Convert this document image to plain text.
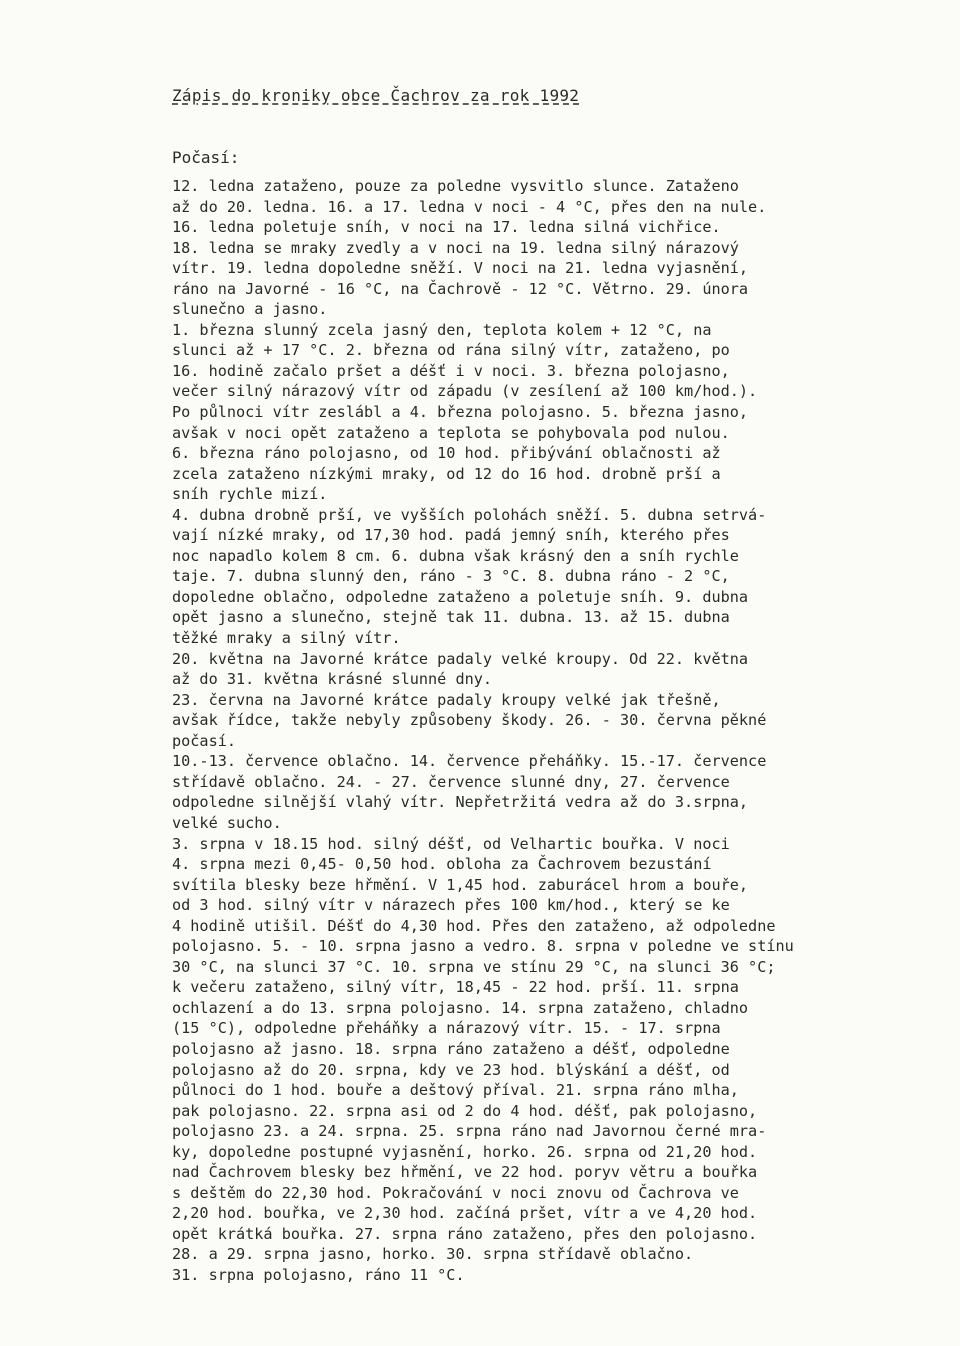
Zápis do kroniky obce Čachrov za rok 1992
Počasí:
12. ledna zataženo, pouze za poledne vysvitlo slunce. Zataženo
až do 20. ledna. 16. a 17. ledna v noci - 4 °C, přes den na nule.
16. ledna poletuje sníh, v noci na 17. ledna silná vichřice.
18. ledna se mraky zvedly a v noci na 19. ledna silný nárazový
vítr. 19. ledna dopoledne sněží. V noci na 21. ledna vyjasnění,
ráno na Javorné - 16 °C, na Čachrově - 12 °C. Větrno. 29. února
slunečno a jasno.
1. března slunný zcela jasný den, teplota kolem + 12 °C, na
slunci až + 17 °C. 2. března od rána silný vítr, zataženo, po
16. hodině začalo pršet a déšť i v noci. 3. března polojasno,
večer silný nárazový vítr od západu (v zesílení až 100 km/hod.).
Po půlnoci vítr zeslábl a 4. března polojasno. 5. března jasno,
avšak v noci opět zataženo a teplota se pohybovala pod nulou.
6. března ráno polojasno, od 10 hod. přibývání oblačnosti až
zcela zataženo nízkými mraky, od 12 do 16 hod. drobně prší a
sníh rychle mizí.
4. dubna drobně prší, ve vyšších polohách sněží. 5. dubna setrvá-
vají nízké mraky, od 17,30 hod. padá jemný sníh, kterého přes
noc napadlo kolem 8 cm. 6. dubna však krásný den a sníh rychle
taje. 7. dubna slunný den, ráno - 3 °C. 8. dubna ráno - 2 °C,
dopoledne oblačno, odpoledne zataženo a poletuje sníh. 9. dubna
opět jasno a slunečno, stejně tak 11. dubna. 13. až 15. dubna
těžké mraky a silný vítr.
20. května na Javorné krátce padaly velké kroupy. Od 22. května
až do 31. května krásné slunné dny.
23. června na Javorné krátce padaly kroupy velké jak třešně,
avšak řídce, takže nebyly způsobeny škody. 26. - 30. června pěkné
počasí.
10.-13. července oblačno. 14. července přeháňky. 15.-17. července
střídavě oblačno. 24. - 27. července slunné dny, 27. července
odpoledne silnější vlahý vítr. Nepřetržitá vedra až do 3.srpna,
velké sucho.
3. srpna v 18.15 hod. silný déšť, od Velhartic bouřka. V noci
4. srpna mezi 0,45- 0,50 hod. obloha za Čachrovem bezustání
svítila blesky beze hřmění. V 1,45 hod. zaburácel hrom a bouře,
od 3 hod. silný vítr v nárazech přes 100 km/hod., který se ke
4 hodině utišil. Déšť do 4,30 hod. Přes den zataženo, až odpoledne
polojasno. 5. - 10. srpna jasno a vedro. 8. srpna v poledne ve stínu
30 °C, na slunci 37 °C. 10. srpna ve stínu 29 °C, na slunci 36 °C;
k večeru zataženo, silný vítr, 18,45 - 22 hod. prší. 11. srpna
ochlazení a do 13. srpna polojasno. 14. srpna zataženo, chladno
(15 °C), odpoledne přeháňky a nárazový vítr. 15. - 17. srpna
polojasno až jasno. 18. srpna ráno zataženo a déšť, odpoledne
polojasno až do 20. srpna, kdy ve 23 hod. blýskání a déšť, od
půlnoci do 1 hod. bouře a deštový příval. 21. srpna ráno mlha,
pak polojasno. 22. srpna asi od 2 do 4 hod. déšť, pak polojasno,
polojasno 23. a 24. srpna. 25. srpna ráno nad Javornou černé mra-
ky, dopoledne postupné vyjasnění, horko. 26. srpna od 21,20 hod.
nad Čachrovem blesky bez hřmění, ve 22 hod. poryv větru a bouřka
s deštěm do 22,30 hod. Pokračování v noci znovu od Čachrova ve
2,20 hod. bouřka, ve 2,30 hod. začíná pršet, vítr a ve 4,20 hod.
opět krátká bouřka. 27. srpna ráno zataženo, přes den polojasno.
28. a 29. srpna jasno, horko. 30. srpna střídavě oblačno.
31. srpna polojasno, ráno 11 °C.
